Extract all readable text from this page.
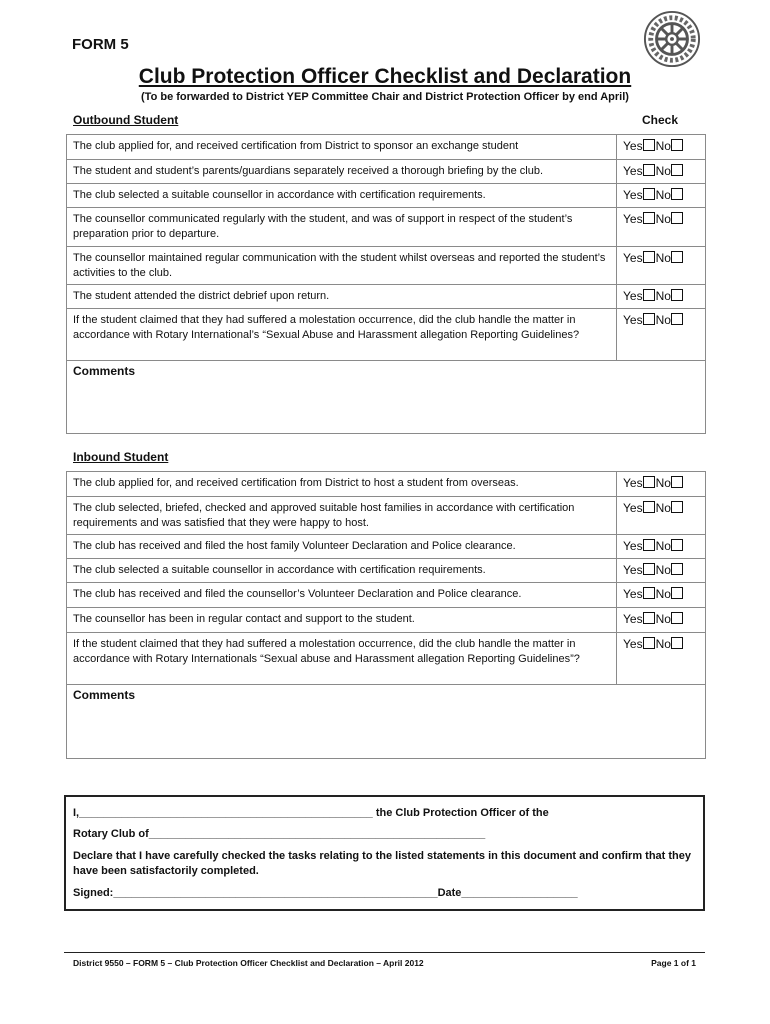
FORM 5
Club Protection Officer Checklist and Declaration
(To be forwarded to District YEP Committee Chair and District Protection Officer by end April)
Outbound Student	Check
The club applied for, and received certification from District to sponsor an exchange student	Yes No
The student and student’s parents/guardians separately received a thorough briefing by the club.	Yes No
The club selected a suitable counsellor in accordance with certification requirements.	Yes No
The counsellor communicated regularly with the student, and was of support in respect of the student’s preparation prior to departure.	Yes No
The counsellor maintained regular communication with the student whilst overseas and reported the student’s activities to the club.	Yes No
The student attended the district debrief upon return.	Yes No
If the student claimed that they had suffered a molestation occurrence, did the club handle the matter in accordance with Rotary International’s “Sexual Abuse and Harassment allegation Reporting Guidelines?	Yes No
Comments	
Inbound Student
The club applied for, and received certification from District to host a student from overseas.	Yes No
The club selected, briefed, checked and approved suitable host families in accordance with certification requirements and was satisfied that they were happy to host.	Yes No
The club has received and filed the host family Volunteer Declaration and Police clearance.	Yes No
The club selected a suitable counsellor in accordance with certification requirements.	Yes No
The club has received and filed the counsellor’s Volunteer Declaration and Police clearance.	Yes No
The counsellor has been in regular contact and support to the student.	Yes No
If the student claimed that they had suffered a molestation occurrence, did the club handle the matter in accordance with Rotary Internationals “Sexual abuse and Harassment allegation Reporting Guidelines”?	Yes No
Comments	
I,________________________________________________ the Club Protection Officer of the
Rotary Club of_______________________________________________________
Declare that I have carefully checked the tasks relating to the listed statements in this document and confirm that they have been satisfactorily completed.
Signed:_____________________________________________________Date___________________
District 9550 – FORM 5 – Club Protection Officer Checklist and Declaration – April 2012	Page 1 of 1
